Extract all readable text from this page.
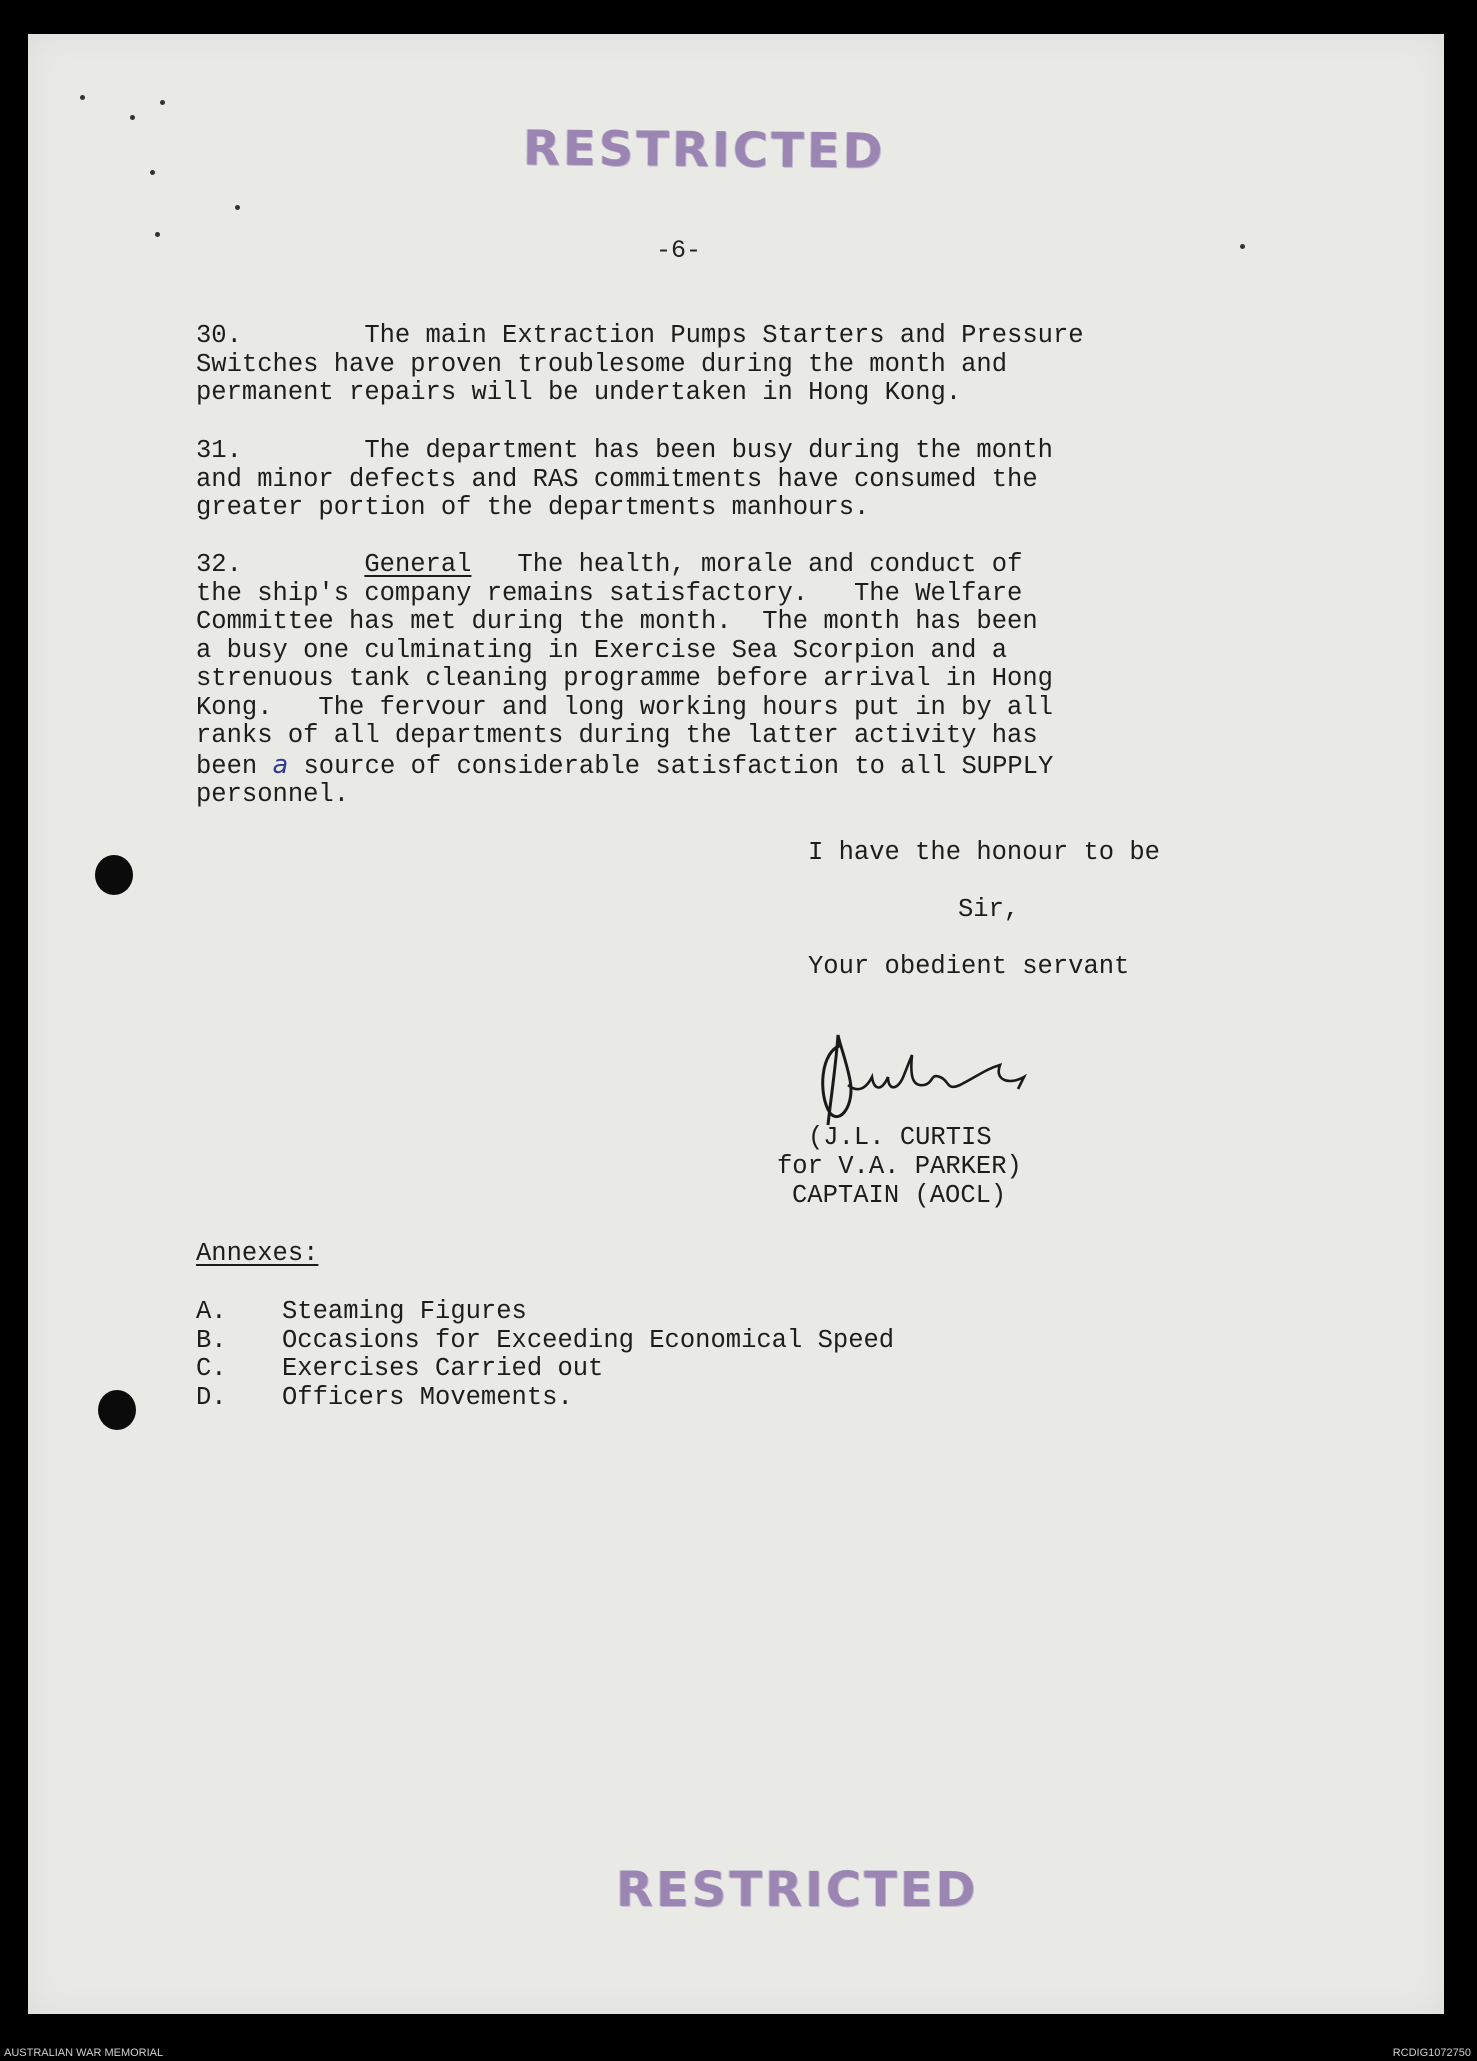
RESTRICTED
-6-
30.        The main Extraction Pumps Starters and Pressure
Switches have proven troublesome during the month and
permanent repairs will be undertaken in Hong Kong.
31.        The department has been busy during the month
and minor defects and RAS commitments have consumed the
greater portion of the departments manhours.
32.	General The health, morale and conduct of
the ship's company remains satisfactory.   The Welfare
Committee has met during the month.  The month has been
a busy one culminating in Exercise Sea Scorpion and a
strenuous tank cleaning programme before arrival in Hong
Kong.   The fervour and long working hours put in by all
ranks of all departments during the latter activity has
been a source of considerable satisfaction to all SUPPLY
personnel.
I have the honour to be
Sir,
Your obedient servant
(J.L. CURTIS
for V.A. PARKER)
CAPTAIN (AOCL)
Annexes:
A. Steaming Figures
B. Occasions for Exceeding Economical Speed
C. Exercises Carried out
D. Officers Movements.
RESTRICTED
AUSTRALIAN WAR MEMORIAL	RCDIG1072750
